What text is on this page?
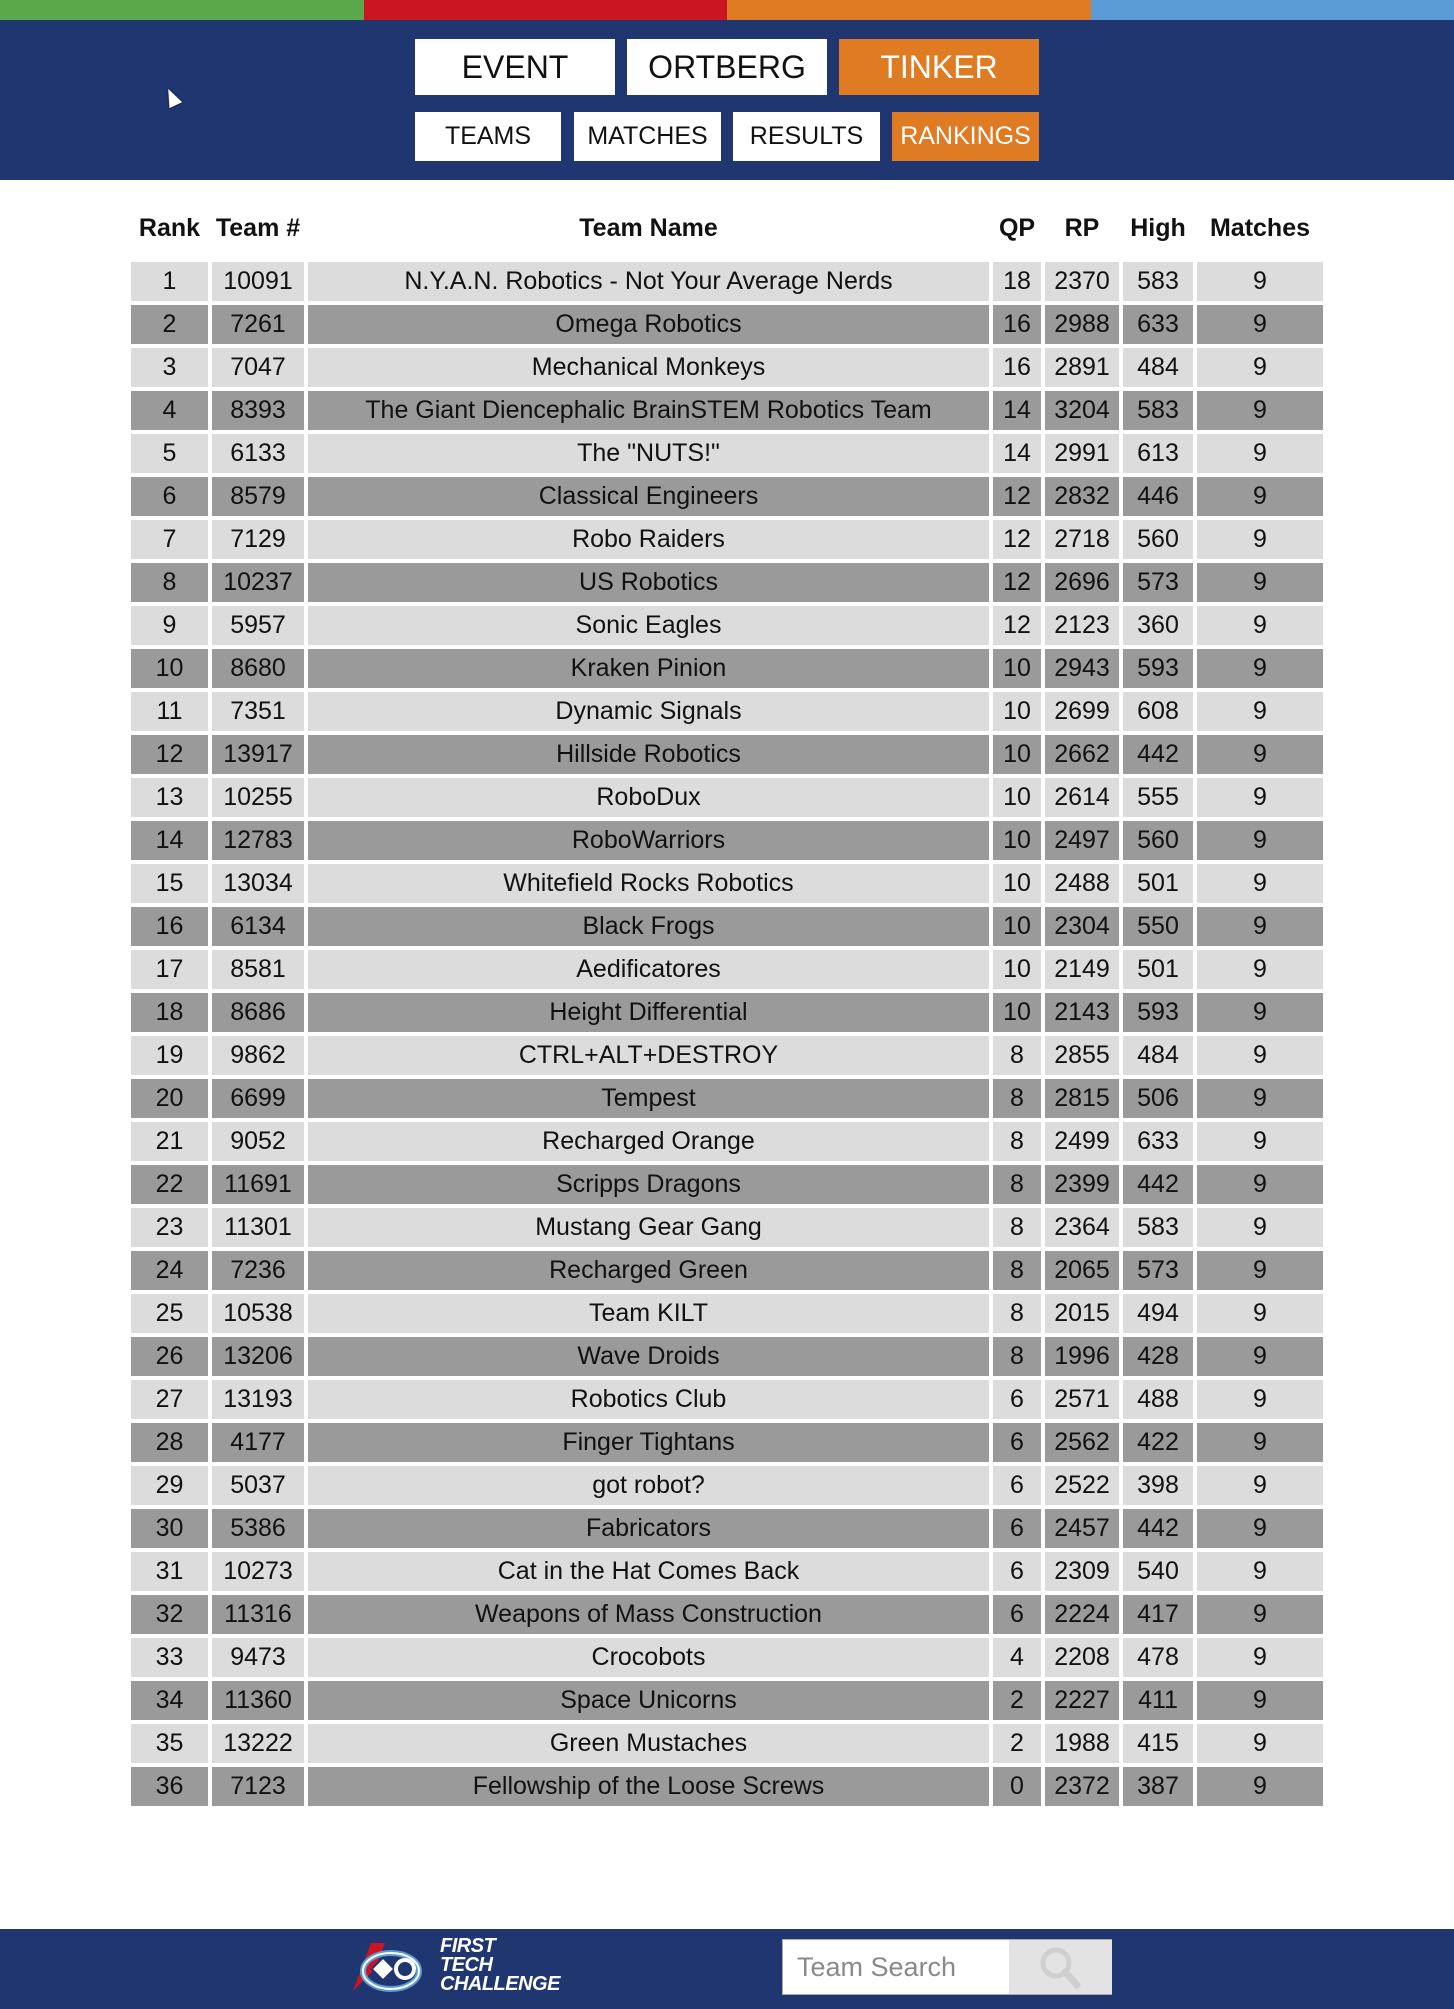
EVENT	ORTBERG	TINKER
TEAMS	MATCHES	RESULTS	RANKINGS
Rank	Team #	Team Name	QP	RP	High	Matches
1	10091	N.Y.A.N. Robotics - Not Your Average Nerds	18	2370	583	9
2	7261	Omega Robotics	16	2988	633	9
3	7047	Mechanical Monkeys	16	2891	484	9
4	8393	The Giant Diencephalic BrainSTEM Robotics Team	14	3204	583	9
5	6133	The "NUTS!"	14	2991	613	9
6	8579	Classical Engineers	12	2832	446	9
7	7129	Robo Raiders	12	2718	560	9
8	10237	US Robotics	12	2696	573	9
9	5957	Sonic Eagles	12	2123	360	9
10	8680	Kraken Pinion	10	2943	593	9
11	7351	Dynamic Signals	10	2699	608	9
12	13917	Hillside Robotics	10	2662	442	9
13	10255	RoboDux	10	2614	555	9
14	12783	RoboWarriors	10	2497	560	9
15	13034	Whitefield Rocks Robotics	10	2488	501	9
16	6134	Black Frogs	10	2304	550	9
17	8581	Aedificatores	10	2149	501	9
18	8686	Height Differential	10	2143	593	9
19	9862	CTRL+ALT+DESTROY	8	2855	484	9
20	6699	Tempest	8	2815	506	9
21	9052	Recharged Orange	8	2499	633	9
22	11691	Scripps Dragons	8	2399	442	9
23	11301	Mustang Gear Gang	8	2364	583	9
24	7236	Recharged Green	8	2065	573	9
25	10538	Team KILT	8	2015	494	9
26	13206	Wave Droids	8	1996	428	9
27	13193	Robotics Club	6	2571	488	9
28	4177	Finger Tightans	6	2562	422	9
29	5037	got robot?	6	2522	398	9
30	5386	Fabricators	6	2457	442	9
31	10273	Cat in the Hat Comes Back	6	2309	540	9
32	11316	Weapons of Mass Construction	6	2224	417	9
33	9473	Crocobots	4	2208	478	9
34	11360	Space Unicorns	2	2227	411	9
35	13222	Green Mustaches	2	1988	415	9
36	7123	Fellowship of the Loose Screws	0	2372	387	9
FIRST
TECH
CHALLENGE
Team Search
